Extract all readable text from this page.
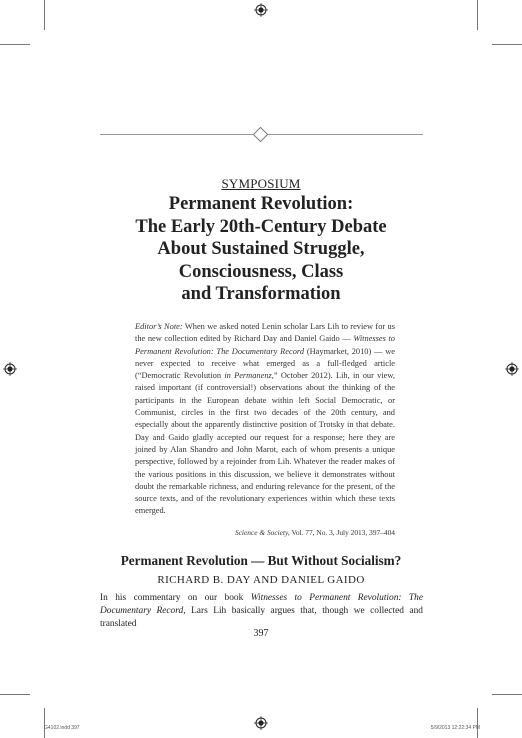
SYMPOSIUM
Permanent Revolution:
The Early 20th-Century Debate
About Sustained Struggle,
Consciousness, Class
and Transformation

Editor’s Note: When we asked noted Lenin scholar Lars Lih to review for us the new collection edited by Richard Day and Daniel Gaido — Witnesses to Permanent Revolution: The Documentary Record (Haymarket, 2010) — we never expected to receive what emerged as a full-fledged article (“Democratic Revolution in Permanenz,” October 2012). Lih, in our view, raised important (if controversial!) observations about the thinking of the participants in the European debate within left Social Democratic, or Communist, circles in the first two decades of the 20th century, and especially about the apparently distinctive position of Trotsky in that debate. Day and Gaido gladly accepted our request for a response; here they are joined by Alan Shandro and John Marot, each of whom presents a unique perspective, followed by a rejoinder from Lih. Whatever the reader makes of the various positions in this discussion, we believe it demonstrates without doubt the remarkable richness, and enduring relevance for the present, of the source texts, and of the revolutionary experiences within which these texts emerged.

Science & Society, Vol. 77, No. 3, July 2013, 397–404
Permanent Revolution — But Without Socialism?
RICHARD B. DAY AND DANIEL GAIDO
In his commentary on our book Witnesses to Permanent Revolution: The Documentary Record, Lars Lih basically argues that, though we collected and translated
397
G4102.indd 397	5/9/2013 12:22:34 PM
